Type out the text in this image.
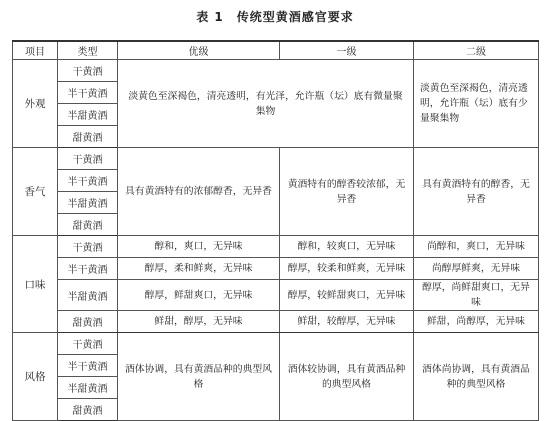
表 1　传统型黄酒感官要求
项目	类型	优级	一级	二级
外观	干黄酒	淡黄色至深褐色，清亮透明，有光泽，允许瓶（坛）底有微量聚集物		淡黄色至深褐色，清亮透明，允许瓶（坛）底有少量聚集物
	半干黄酒			
	半甜黄酒			
	甜黄酒			
香气	干黄酒	具有黄酒特有的浓郁醇香，无异香	黄酒特有的醇香较浓郁，无异香	具有黄酒特有的醇香，无异香
	半干黄酒			
	半甜黄酒			
	甜黄酒			
口味	干黄酒	醇和，爽口，无异味	醇和，较爽口，无异味	尚醇和，爽口，无异味
	半干黄酒	醇厚，柔和鲜爽，无异味	醇厚，较柔和鲜爽，无异味	尚醇厚鲜爽，无异味
	半甜黄酒	醇厚，鲜甜爽口，无异味	醇厚，较鲜甜爽口，无异味	醇厚，尚鲜甜爽口，无异味
	甜黄酒	鲜甜，醇厚，无异味	鲜甜，较醇厚，无异味	鲜甜，尚醇厚，无异味
风格	干黄酒	酒体协调，具有黄酒品种的典型风格	酒体较协调，具有黄酒品种的典型风格	酒体尚协调，具有黄酒品种的典型风格
	半干黄酒			
	半甜黄酒			
	甜黄酒			
